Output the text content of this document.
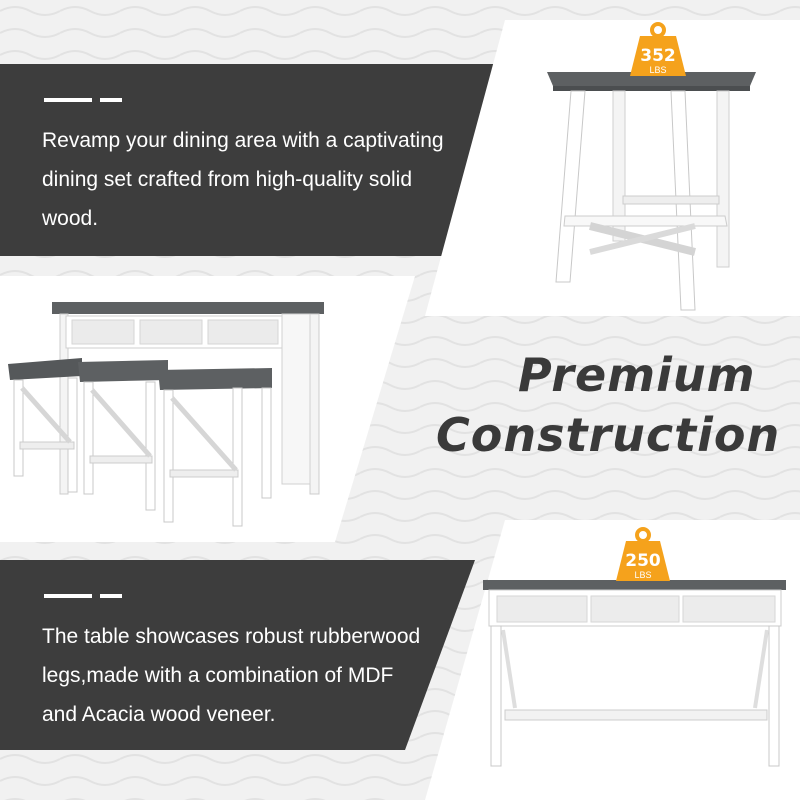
Revamp your dining area with a captivating
dining set crafted from high-quality solid
wood.
The table showcases robust rubberwood
legs,made with a combination of MDF
and Acacia wood veneer.
352
LBS
Premium
Construction
250
LBS
